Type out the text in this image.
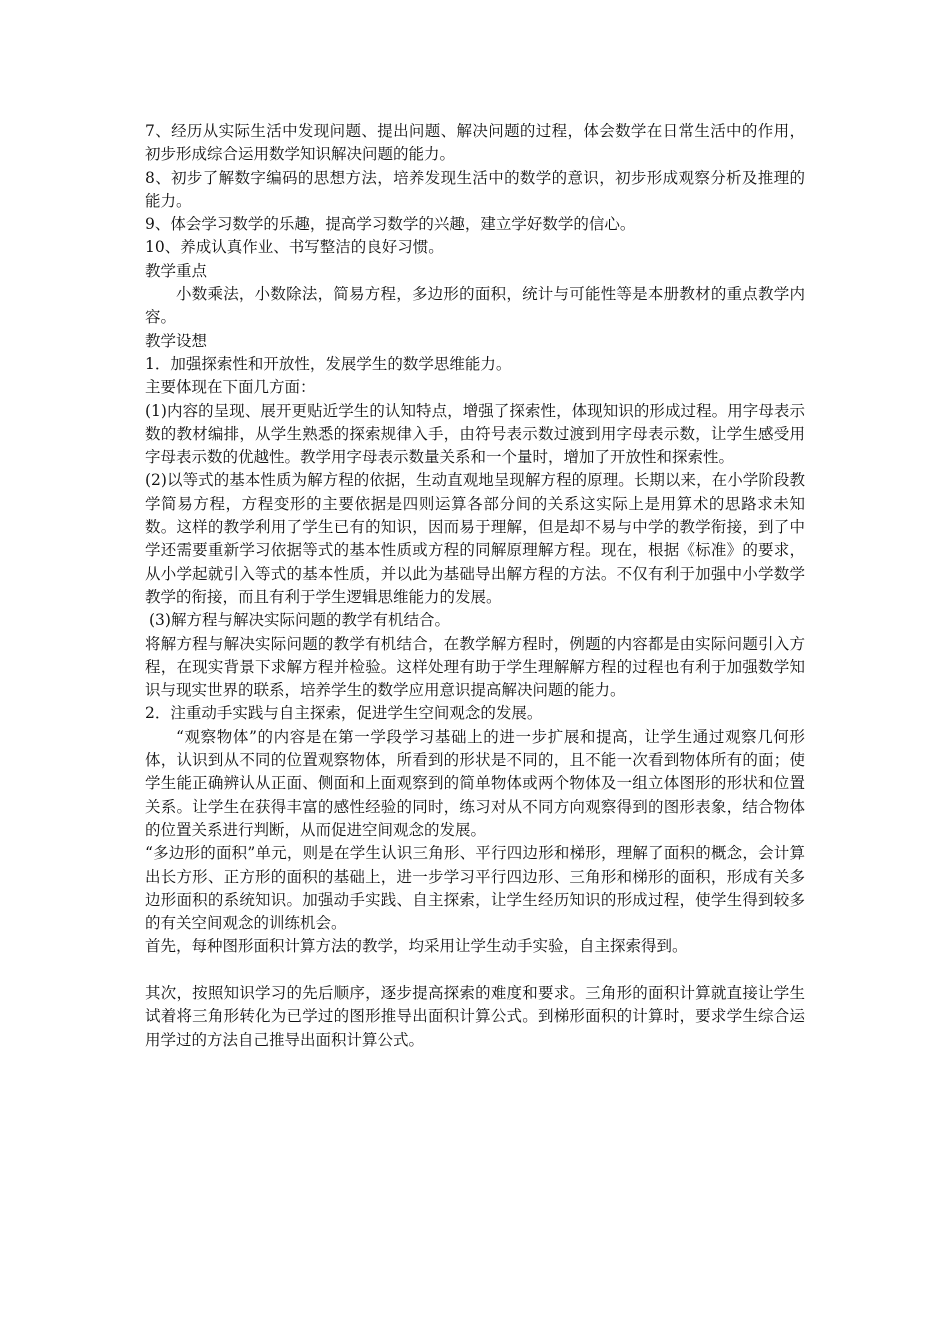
7、经历从实际生活中发现问题、提出问题、解决问题的过程，体会数学在日常生活中的作用，初步形成综合运用数学知识解决问题的能力。

8、初步了解数字编码的思想方法，培养发现生活中的数学的意识，初步形成观察分析及推理的能力。

9、体会学习数学的乐趣，提高学习数学的兴趣，建立学好数学的信心。

10、养成认真作业、书写整洁的良好习惯。

教学重点

小数乘法，小数除法，简易方程，多边形的面积，统计与可能性等是本册教材的重点教学内容。

教学设想

1．加强探索性和开放性，发展学生的数学思维能力。

主要体现在下面几方面：

(1)内容的呈现、展开更贴近学生的认知特点，增强了探索性，体现知识的形成过程。用字母表示数的教材编排，从学生熟悉的探索规律入手，由符号表示数过渡到用字母表示数，让学生感受用字母表示数的优越性。教学用字母表示数量关系和一个量时，增加了开放性和探索性。

(2)以等式的基本性质为解方程的依据，生动直观地呈现解方程的原理。长期以来，在小学阶段教学简易方程，方程变形的主要依据是四则运算各部分间的关系这实际上是用算术的思路求未知数。这样的教学利用了学生已有的知识，因而易于理解，但是却不易与中学的教学衔接，到了中学还需要重新学习依据等式的基本性质或方程的同解原理解方程。现在，根据《标准》的要求，从小学起就引入等式的基本性质，并以此为基础导出解方程的方法。不仅有利于加强中小学数学教学的衔接，而且有利于学生逻辑思维能力的发展。

(3)解方程与解决实际问题的教学有机结合。

将解方程与解决实际问题的教学有机结合，在教学解方程时，例题的内容都是由实际问题引入方程，在现实背景下求解方程并检验。这样处理有助于学生理解解方程的过程也有利于加强数学知识与现实世界的联系，培养学生的数学应用意识提高解决问题的能力。

2．注重动手实践与自主探索，促进学生空间观念的发展。

“观察物体”的内容是在第一学段学习基础上的进一步扩展和提高，让学生通过观察几何形体，认识到从不同的位置观察物体，所看到的形状是不同的，且不能一次看到物体所有的面；使学生能正确辨认从正面、侧面和上面观察到的简单物体或两个物体及一组立体图形的形状和位置关系。让学生在获得丰富的感性经验的同时，练习对从不同方向观察得到的图形表象，结合物体的位置关系进行判断，从而促进空间观念的发展。

“多边形的面积”单元，则是在学生认识三角形、平行四边形和梯形，理解了面积的概念，会计算出长方形、正方形的面积的基础上，进一步学习平行四边形、三角形和梯形的面积，形成有关多边形面积的系统知识。加强动手实践、自主探索，让学生经历知识的形成过程，使学生得到较多的有关空间观念的训练机会。

首先，每种图形面积计算方法的教学，均采用让学生动手实验，自主探索得到。

其次，按照知识学习的先后顺序，逐步提高探索的难度和要求。三角形的面积计算就直接让学生试着将三角形转化为已学过的图形推导出面积计算公式。到梯形面积的计算时，要求学生综合运用学过的方法自己推导出面积计算公式。
